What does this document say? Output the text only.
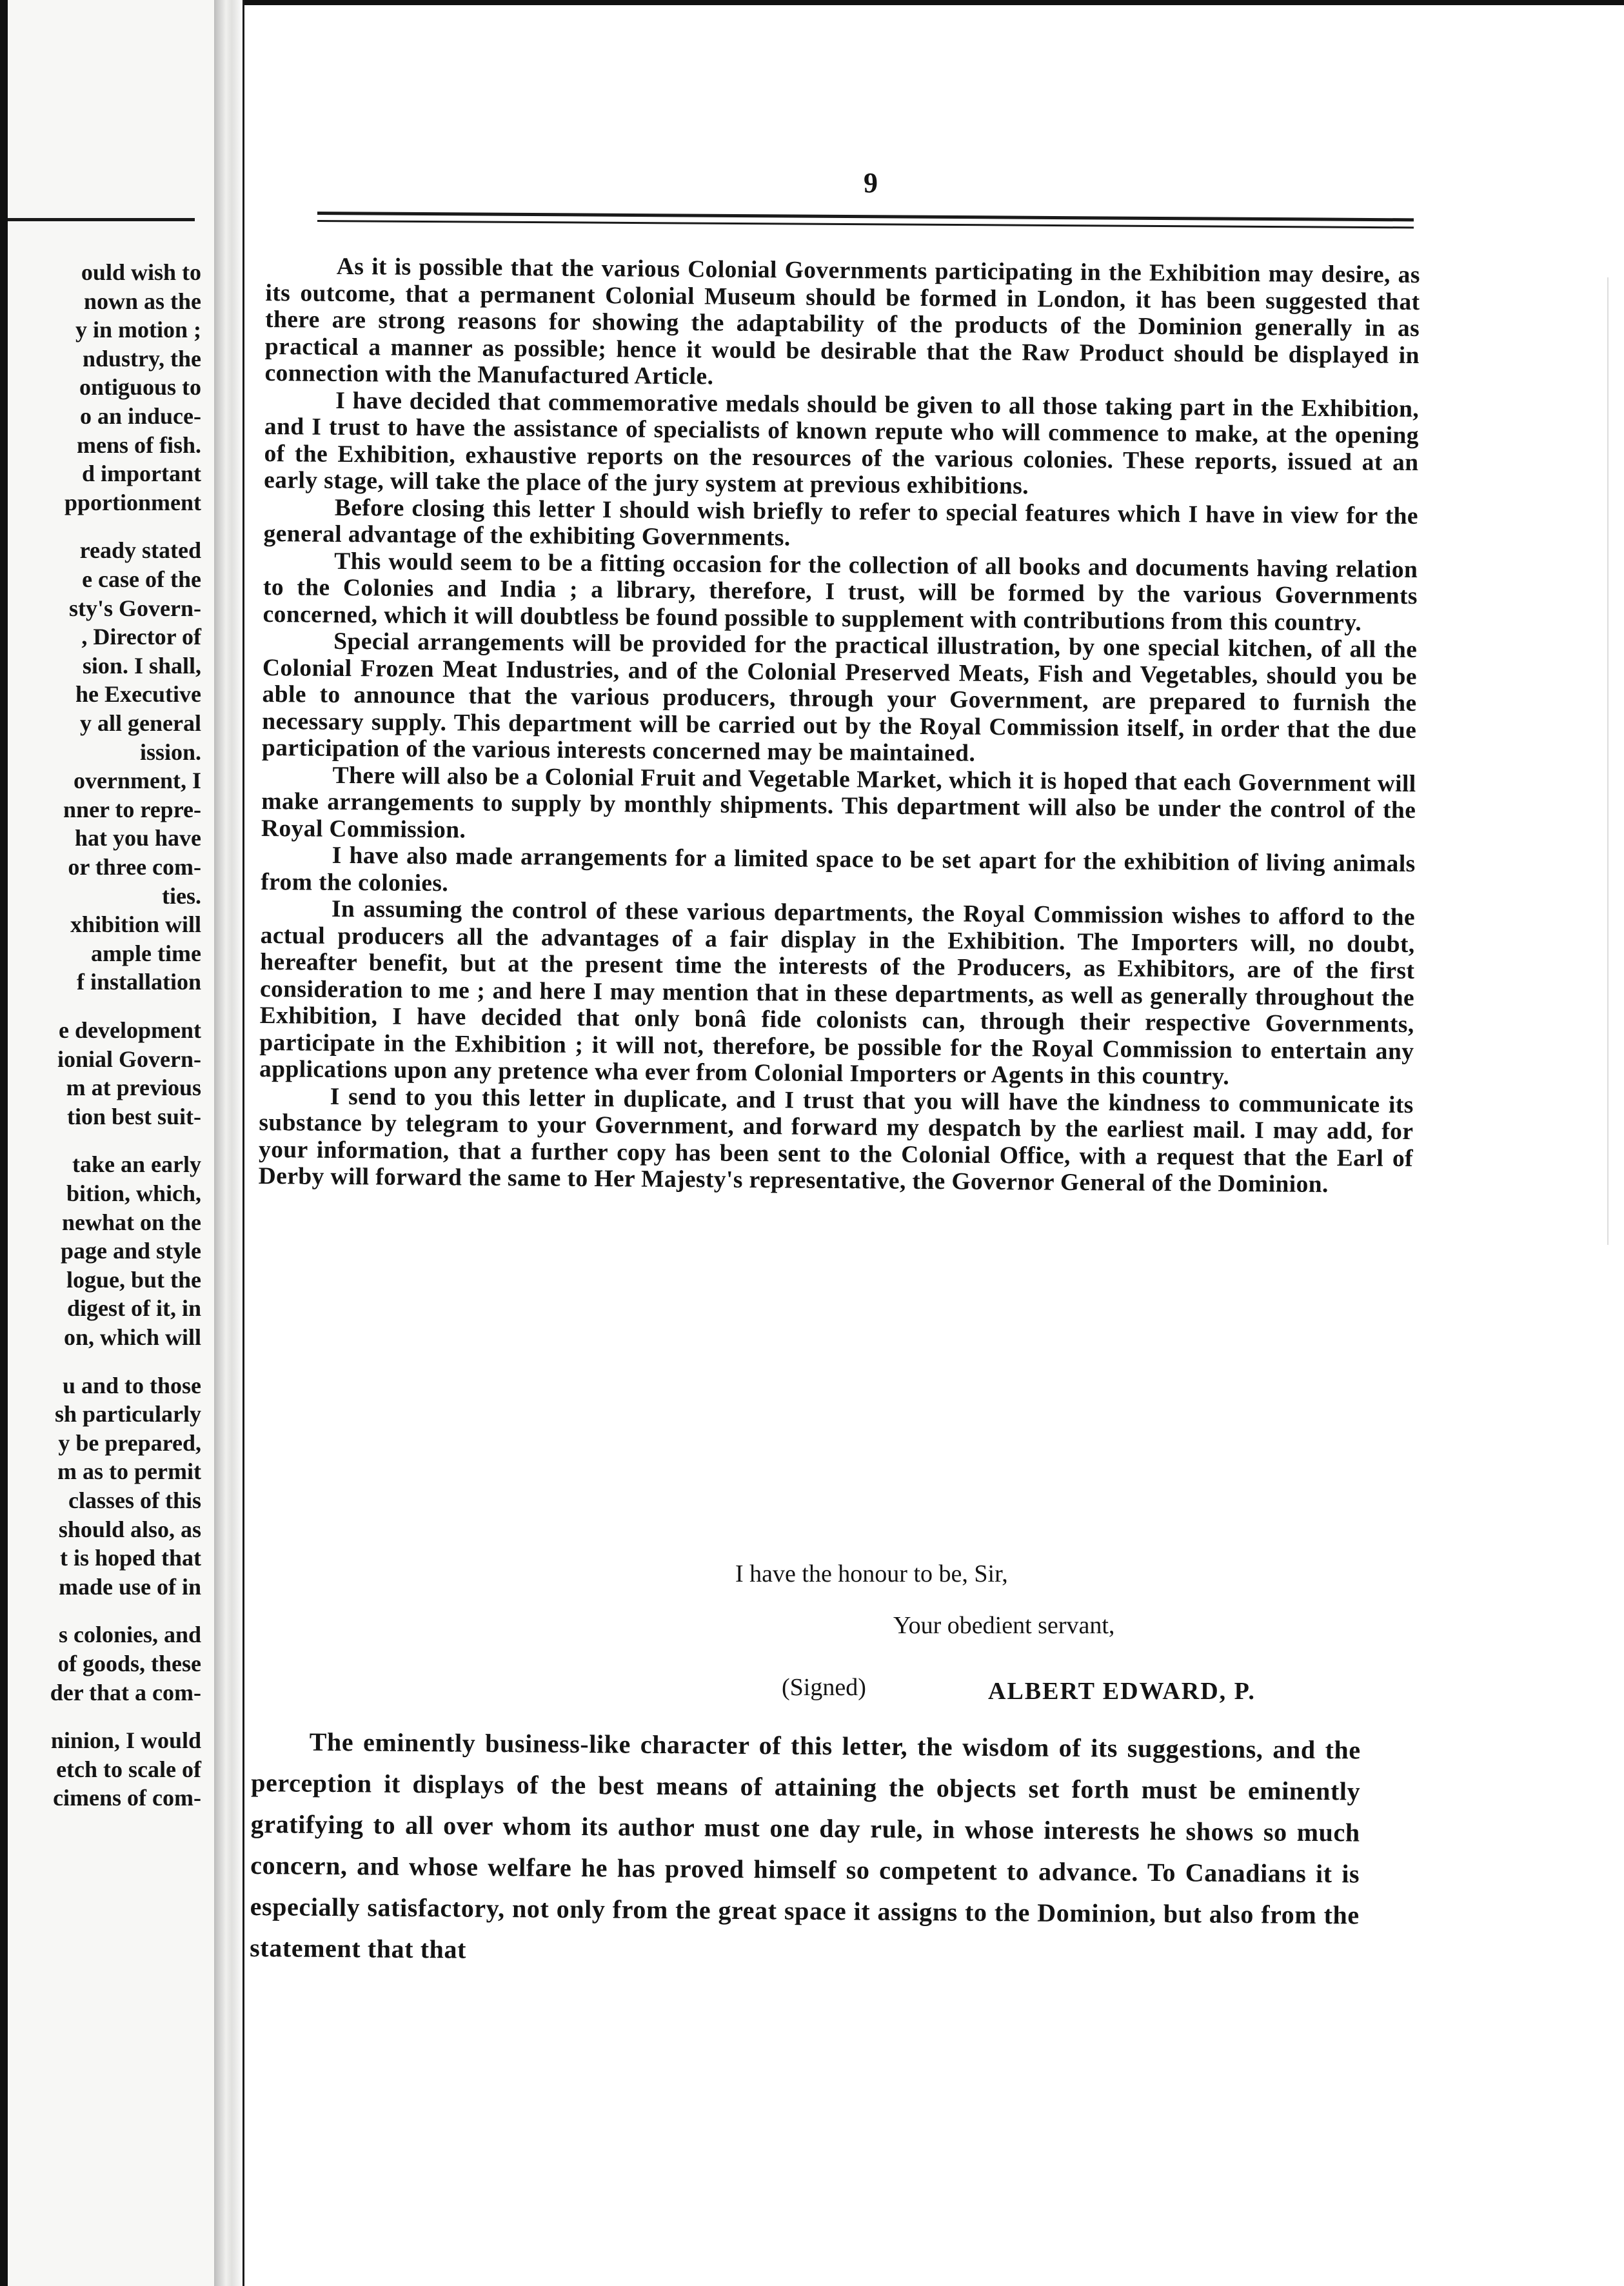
ould wish to
nown as the
y in motion ;
ndustry, the
ontiguous to
o an induce-
mens of fish.
d important
pportionment
ready stated
e case of the
sty's Govern-
, Director of
sion. I shall,
he Executive
y all general
ission.
overnment, I
nner to repre-
hat you have
or three com-
ties.
xhibition will
ample time
f installation
e development
ionial Govern-
m at previous
tion best suit-
take an early
bition, which,
newhat on the
page and style
logue, but the
digest of it, in
on, which will
u and to those
sh particularly
y be prepared,
m as to permit
classes of this
should also, as
t is hoped that
made use of in
s colonies, and
of goods, these
der that a com-
ninion, I would
etch to scale of
cimens of com-
9

As it is possible that the various Colonial Governments participating in the Exhibition may desire, as its outcome, that a permanent Colonial Museum should be formed in London, it has been suggested that there are strong reasons for showing the adaptability of the products of the Dominion generally in as practical a manner as possible; hence it would be desirable that the Raw Product should be displayed in connection with the Manufactured Article.

I have decided that commemorative medals should be given to all those taking part in the Exhibition, and I trust to have the assistance of specialists of known repute who will commence to make, at the opening of the Exhibition, exhaustive reports on the resources of the various colonies. These reports, issued at an early stage, will take the place of the jury system at previous exhibitions.

Before closing this letter I should wish briefly to refer to special features which I have in view for the general advantage of the exhibiting Governments.

This would seem to be a fitting occasion for the collection of all books and documents having relation to the Colonies and India ; a library, therefore, I trust, will be formed by the various Governments concerned, which it will doubtless be found possible to supplement with contributions from this country.

Special arrangements will be provided for the practical illustration, by one special kitchen, of all the Colonial Frozen Meat Industries, and of the Colonial Preserved Meats, Fish and Vegetables, should you be able to announce that the various producers, through your Government, are prepared to furnish the necessary supply. This department will be carried out by the Royal Commission itself, in order that the due participation of the various interests concerned may be maintained.

There will also be a Colonial Fruit and Vegetable Market, which it is hoped that each Government will make arrangements to supply by monthly shipments. This department will also be under the control of the Royal Commission.

I have also made arrangements for a limited space to be set apart for the exhibition of living animals from the colonies.

In assuming the control of these various departments, the Royal Commission wishes to afford to the actual producers all the advantages of a fair display in the Exhibition. The Importers will, no doubt, hereafter benefit, but at the present time the interests of the Producers, as Exhibitors, are of the first consideration to me ; and here I may mention that in these departments, as well as generally throughout the Exhibition, I have decided that only bonâ fide colonists can, through their respective Governments, participate in the Exhibition ; it will not, therefore, be possible for the Royal Commission to entertain any applications upon any pretence wha ever from Colonial Importers or Agents in this country.

I send to you this letter in duplicate, and I trust that you will have the kindness to communicate its substance by telegram to your Government, and forward my despatch by the earliest mail. I may add, for your information, that a further copy has been sent to the Colonial Office, with a request that the Earl of Derby will forward the same to Her Majesty's representative, the Governor General of the Dominion.

I have the honour to be, Sir,
Your obedient servant,
(Signed)	ALBERT EDWARD, P.

The eminently business-like character of this letter, the wisdom of its suggestions, and the perception it displays of the best means of attaining the objects set forth must be eminently gratifying to all over whom its author must one day rule, in whose interests he shows so much concern, and whose welfare he has proved himself so competent to advance. To Canadians it is especially satisfactory, not only from the great space it assigns to the Dominion, but also from the statement that that
